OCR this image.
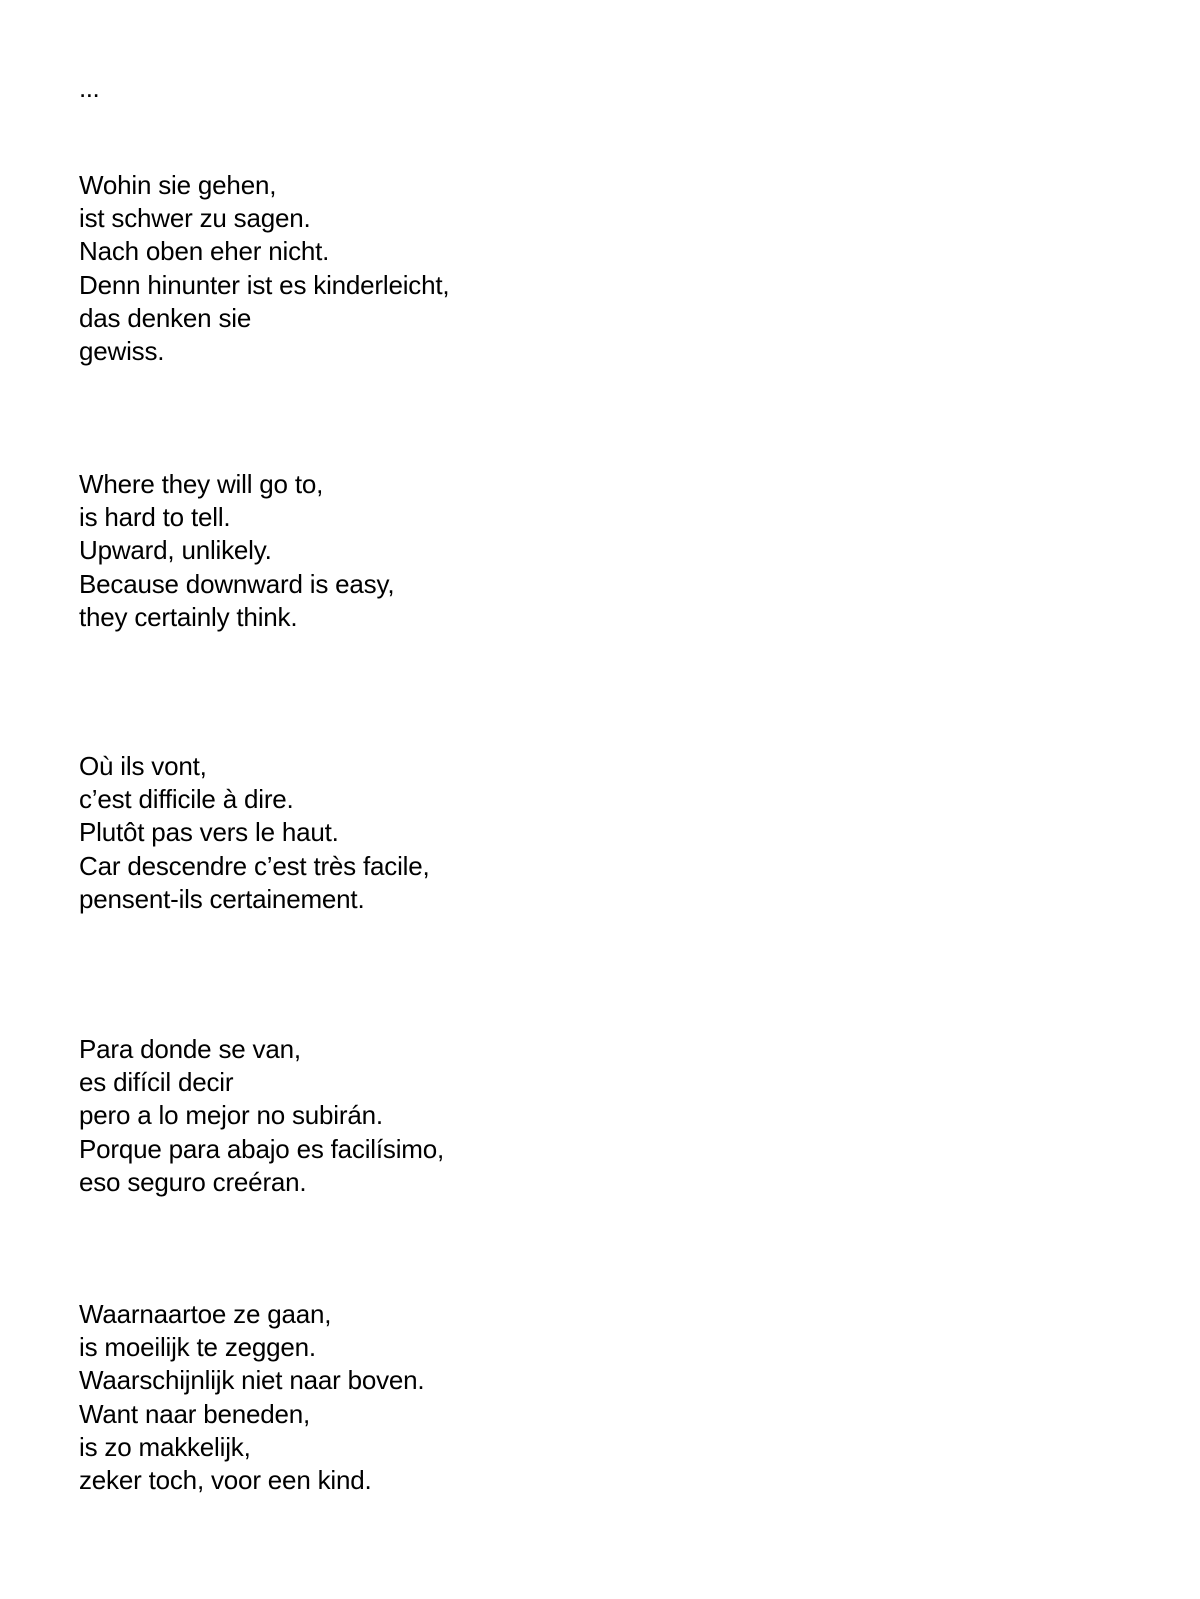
...
Wohin sie gehen,
ist schwer zu sagen.
Nach oben eher nicht.
Denn hinunter ist es kinderleicht,
das denken sie
gewiss.
Where they will go to,
is hard to tell.
Upward, unlikely.
Because downward is easy,
they certainly think.
Où ils vont,
c’est difficile à dire.
Plutôt pas vers le haut.
Car descendre c’est très facile,
pensent-ils certainement.
Para donde se van,
es difícil decir
pero a lo mejor no subirán.
Porque para abajo es facilísimo,
eso seguro creéran.
Waarnaartoe ze gaan,
is moeilijk te zeggen.
Waarschijnlijk niet naar boven.
Want naar beneden,
is zo makkelijk,
zeker toch, voor een kind.
